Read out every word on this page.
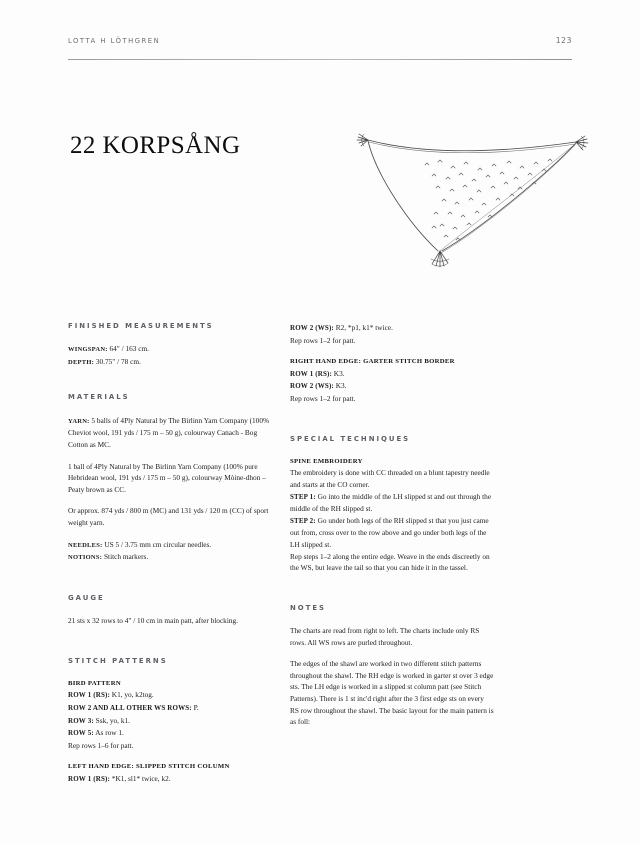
LOTTA H LÖTHGREN	123
22 KORPSÅNG
FINISHED MEASUREMENTS

WINGSPAN: 64" / 163 cm.

DEPTH: 30.75" / 78 cm.

MATERIALS

YARN: 5 balls of 4Ply Natural by The Birlinn Yarn Company (100% Cheviot wool, 191 yds / 175 m – 50 g), colourway Canach - Bog Cotton as MC.

1 ball of 4Ply Natural by The Birlinn Yarn Company (100% pure Hebridean wool, 191 yds / 175 m – 50 g), colourway Mòine-dhon – Peaty brown as CC.

Or approx. 874 yds / 800 m (MC) and 131 yds / 120 m (CC) of sport weight yarn.

NEEDLES: US 5 / 3.75 mm cm circular needles.

NOTIONS: Stitch markers.

GAUGE

21 sts x 32 rows to 4" / 10 cm in main patt, after blocking.

STITCH PATTERNS

BIRD PATTERN

ROW 1 (RS): K1, yo, k2tog.

ROW 2 AND ALL OTHER WS ROWS: P.

ROW 3: Ssk, yo, k1.

ROW 5: As row 1.

Rep rows 1–6 for patt.

LEFT HAND EDGE: SLIPPED STITCH COLUMN

ROW 1 (RS): *K1, sl1* twice, k2.

ROW 2 (WS): R2, *p1, k1* twice.

Rep rows 1–2 for patt.

RIGHT HAND EDGE: GARTER STITCH BORDER

ROW 1 (RS): K3.

ROW 2 (WS): K3.

Rep rows 1–2 for patt.

SPECIAL TECHNIQUES

SPINE EMBROIDERY

The embroidery is done with CC threaded on a blunt tapestry needle and starts at the CO corner.

STEP 1: Go into the middle of the LH slipped st and out through the middle of the RH slipped st.

STEP 2: Go under both legs of the RH slipped st that you just came out from, cross over to the row above and go under both legs of the LH slipped st.

Rep steps 1–2 along the entire edge. Weave in the ends discreetly on the WS, but leave the tail so that you can hide it in the tassel.

NOTES

The charts are read from right to left. The charts include only RS rows. All WS rows are purled throughout.

The edges of the shawl are worked in two different stitch patterns throughout the shawl. The RH edge is worked in garter st over 3 edge sts. The LH edge is worked in a slipped st column patt (see Stitch Patterns). There is 1 st inc'd right after the 3 first edge sts on every RS row throughout the shawl. The basic layout for the main pattern is as foll:
